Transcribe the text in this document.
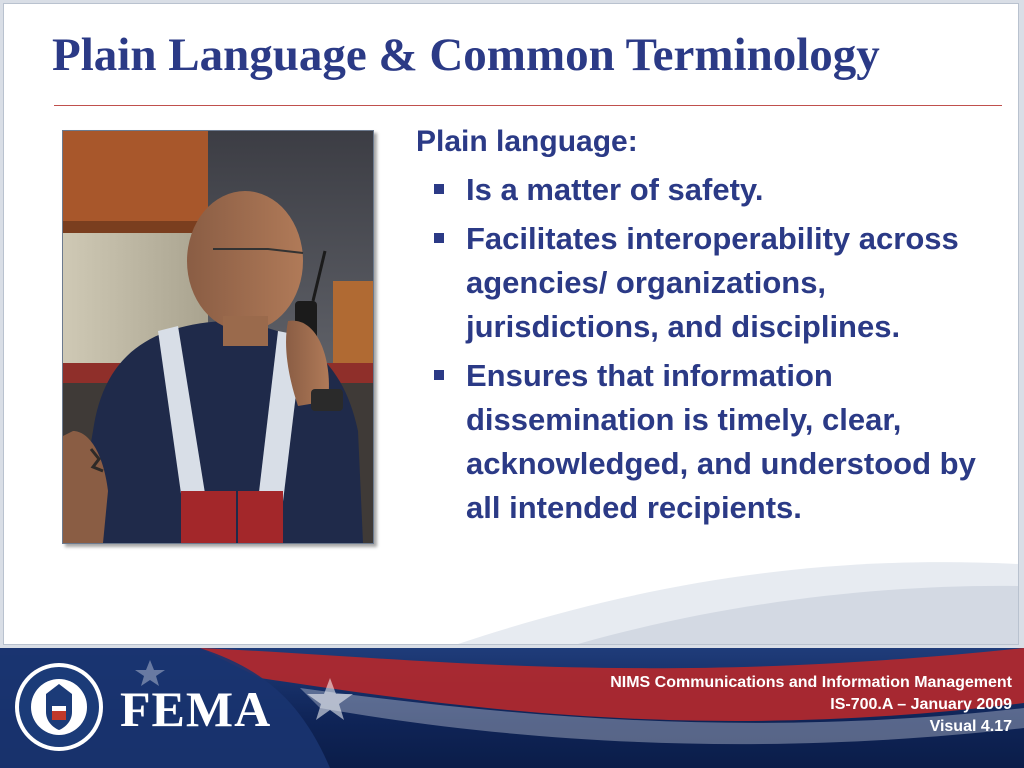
Plain Language & Common Terminology

Plain language:

Is a matter of safety.
Facilitates interoperability across agencies/ organizations, jurisdictions, and disciplines.
Ensures that information dissemination is timely, clear, acknowledged, and understood by all intended recipients.
FEMA	NIMS Communications and Information Management
IS-700.A – January 2009
Visual 4.17
